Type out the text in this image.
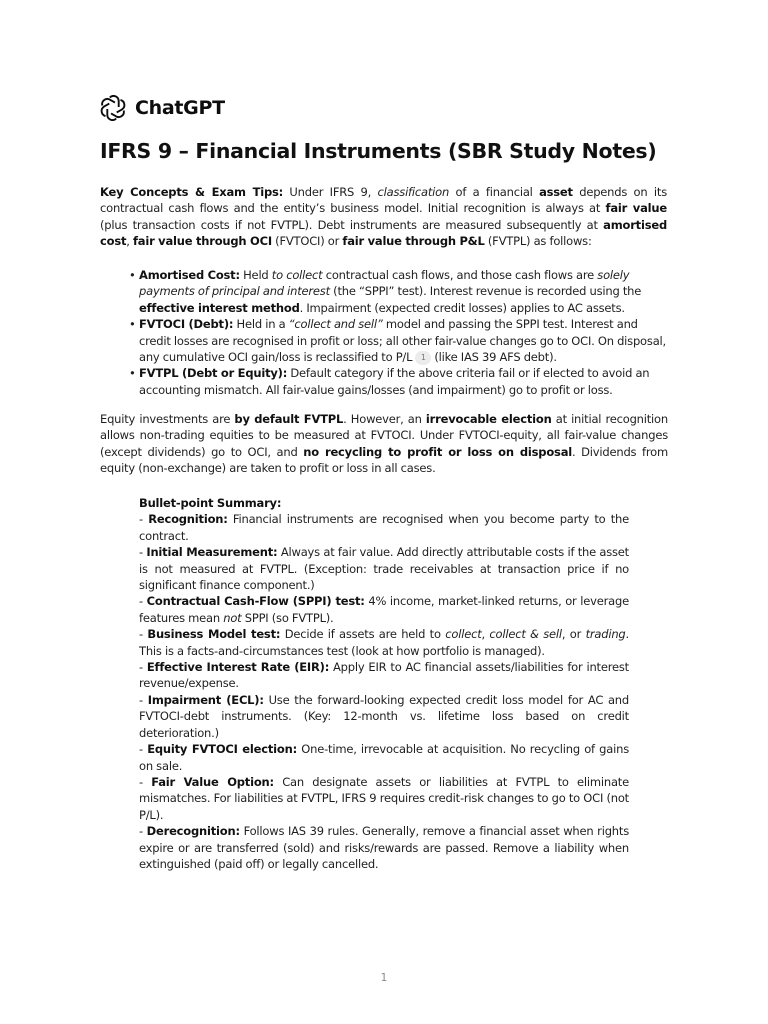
ChatGPT
IFRS 9 – Financial Instruments (SBR Study Notes)

Key Concepts & Exam Tips: Under IFRS 9, classification of a financial asset depends on its contractual cash flows and the entity’s business model. Initial recognition is always at fair value (plus transaction costs if not FVTPL). Debt instruments are measured subsequently at amortised cost, fair value through OCI (FVTOCI) or fair value through P&L (FVTPL) as follows:

• Amortised Cost: Held to collect contractual cash flows, and those cash flows are solely payments of principal and interest (the “SPPI” test). Interest revenue is recorded using the effective interest method. Impairment (expected credit losses) applies to AC assets.
• FVTOCI (Debt): Held in a “collect and sell” model and passing the SPPI test. Interest and credit losses are recognised in profit or loss; all other fair-value changes go to OCI. On disposal, any cumulative OCI gain/loss is reclassified to P/L 1 (like IAS 39 AFS debt).
• FVTPL (Debt or Equity): Default category if the above criteria fail or if elected to avoid an accounting mismatch. All fair-value gains/losses (and impairment) go to profit or loss.

Equity investments are by default FVTPL. However, an irrevocable election at initial recognition allows non-trading equities to be measured at FVTOCI. Under FVTOCI-equity, all fair-value changes (except dividends) go to OCI, and no recycling to profit or loss on disposal. Dividends from equity (non-exchange) are taken to profit or loss in all cases.

Bullet-point Summary:

- Recognition: Financial instruments are recognised when you become party to the contract.

- Initial Measurement: Always at fair value. Add directly attributable costs if the asset is not measured at FVTPL. (Exception: trade receivables at transaction price if no significant finance component.)

- Contractual Cash-Flow (SPPI) test: 4% income, market-linked returns, or leverage features mean not SPPI (so FVTPL).

- Business Model test: Decide if assets are held to collect, collect & sell, or trading. This is a facts-and-circumstances test (look at how portfolio is managed).

- Effective Interest Rate (EIR): Apply EIR to AC financial assets/liabilities for interest revenue/expense.

- Impairment (ECL): Use the forward-looking expected credit loss model for AC and FVTOCI-debt instruments. (Key: 12-month vs. lifetime loss based on credit deterioration.)

- Equity FVTOCI election: One-time, irrevocable at acquisition. No recycling of gains on sale.

- Fair Value Option: Can designate assets or liabilities at FVTPL to eliminate mismatches. For liabilities at FVTPL, IFRS 9 requires credit-risk changes to go to OCI (not P/L).

- Derecognition: Follows IAS 39 rules. Generally, remove a financial asset when rights expire or are transferred (sold) and risks/rewards are passed. Remove a liability when extinguished (paid off) or legally cancelled.

1
